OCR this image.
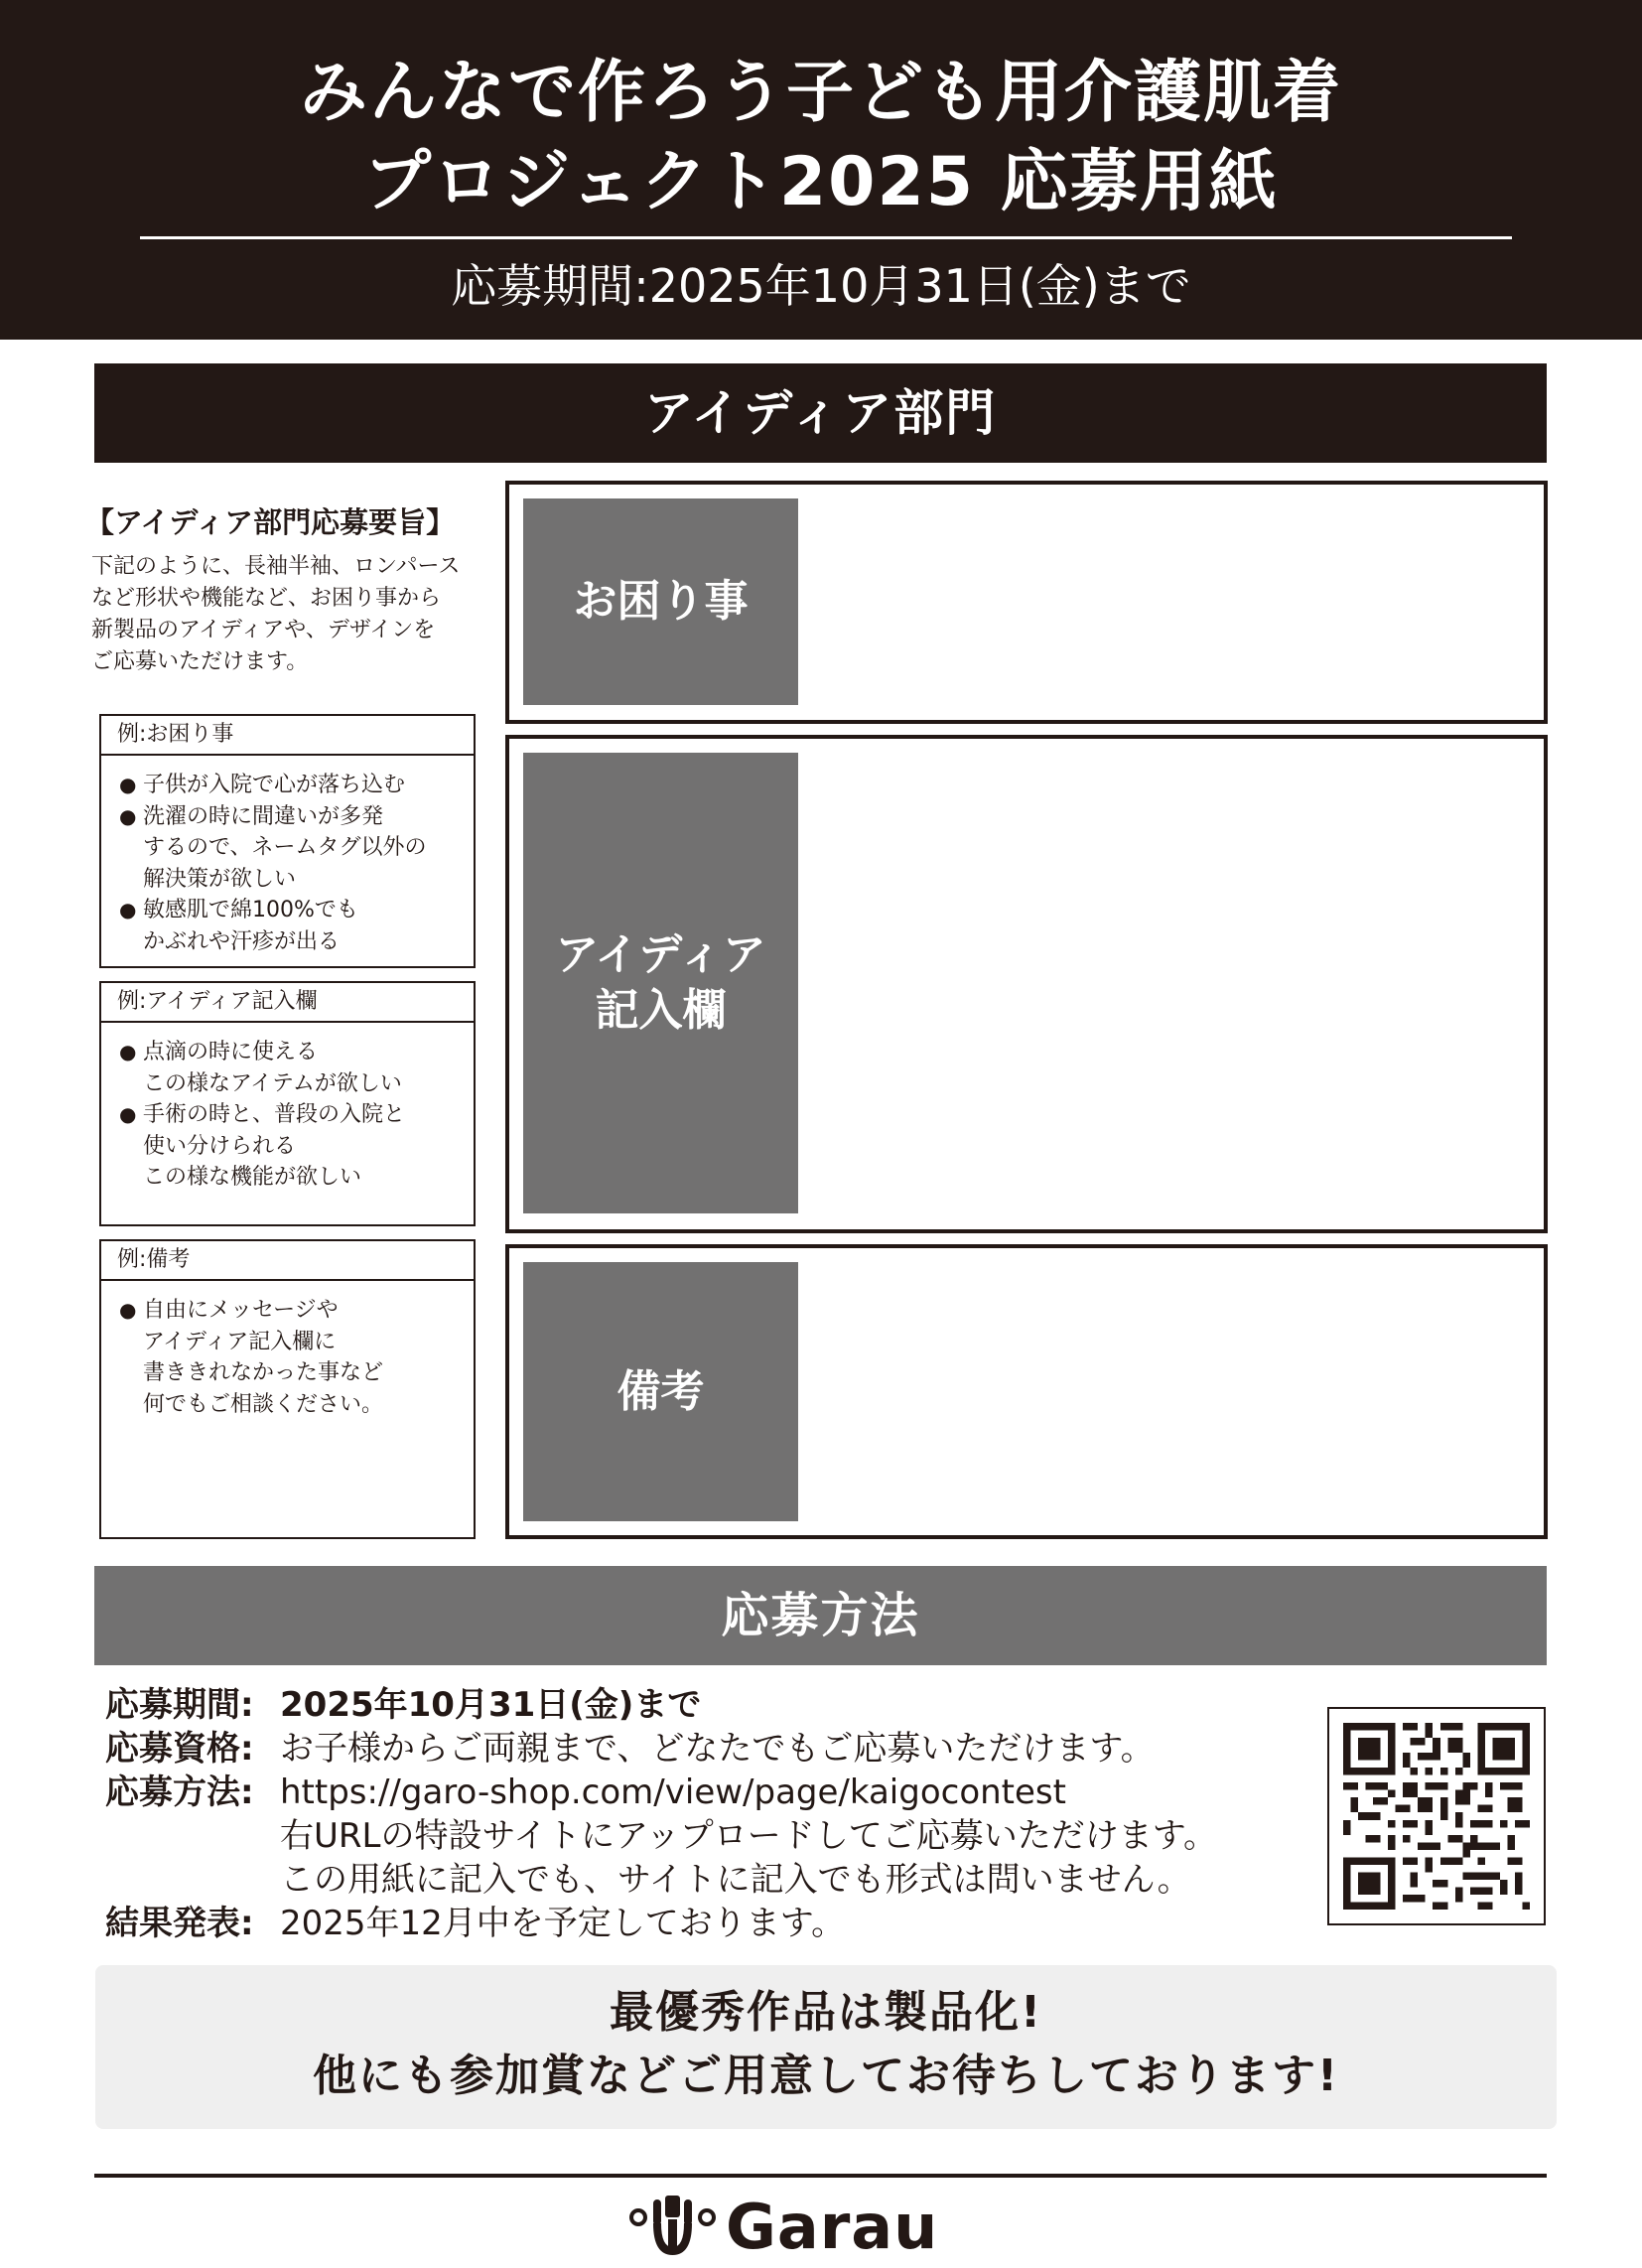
みんなで作ろう子ども用介護肌着
プロジェクト2025 応募用紙
応募期間:2025年10月31日(金)まで
アイディア部門
【アイディア部門応募要旨】
下記のように、長袖半袖、ロンパース
など形状や機能など、お困り事から
新製品のアイディアや、デザインを
ご応募いただけます。
例:お困り事
● 子供が入院で心が落ち込む
● 洗濯の時に間違いが多発
するので、ネームタグ以外の
解決策が欲しい
● 敏感肌で綿100%でも
かぶれや汗疹が出る
例:アイディア記入欄
● 点滴の時に使える
この様なアイテムが欲しい
● 手術の時と、普段の入院と
使い分けられる
この様な機能が欲しい
例:備考
● 自由にメッセージや
アイディア記入欄に
書ききれなかった事など
何でもご相談ください。
お困り事
アイディア
記入欄
備考
応募方法
応募期間: 2025年10月31日(金)まで
応募資格: お子様からご両親まで、どなたでもご応募いただけます。
応募方法: https://garo-shop.com/view/page/kaigocontest
右URLの特設サイトにアップロードしてご応募いただけます。
この用紙に記入でも、サイトに記入でも形式は問いません。
結果発表: 2025年12月中を予定しております。
最優秀作品は製品化!
他にも参加賞などご用意してお待ちしております!
Garau
